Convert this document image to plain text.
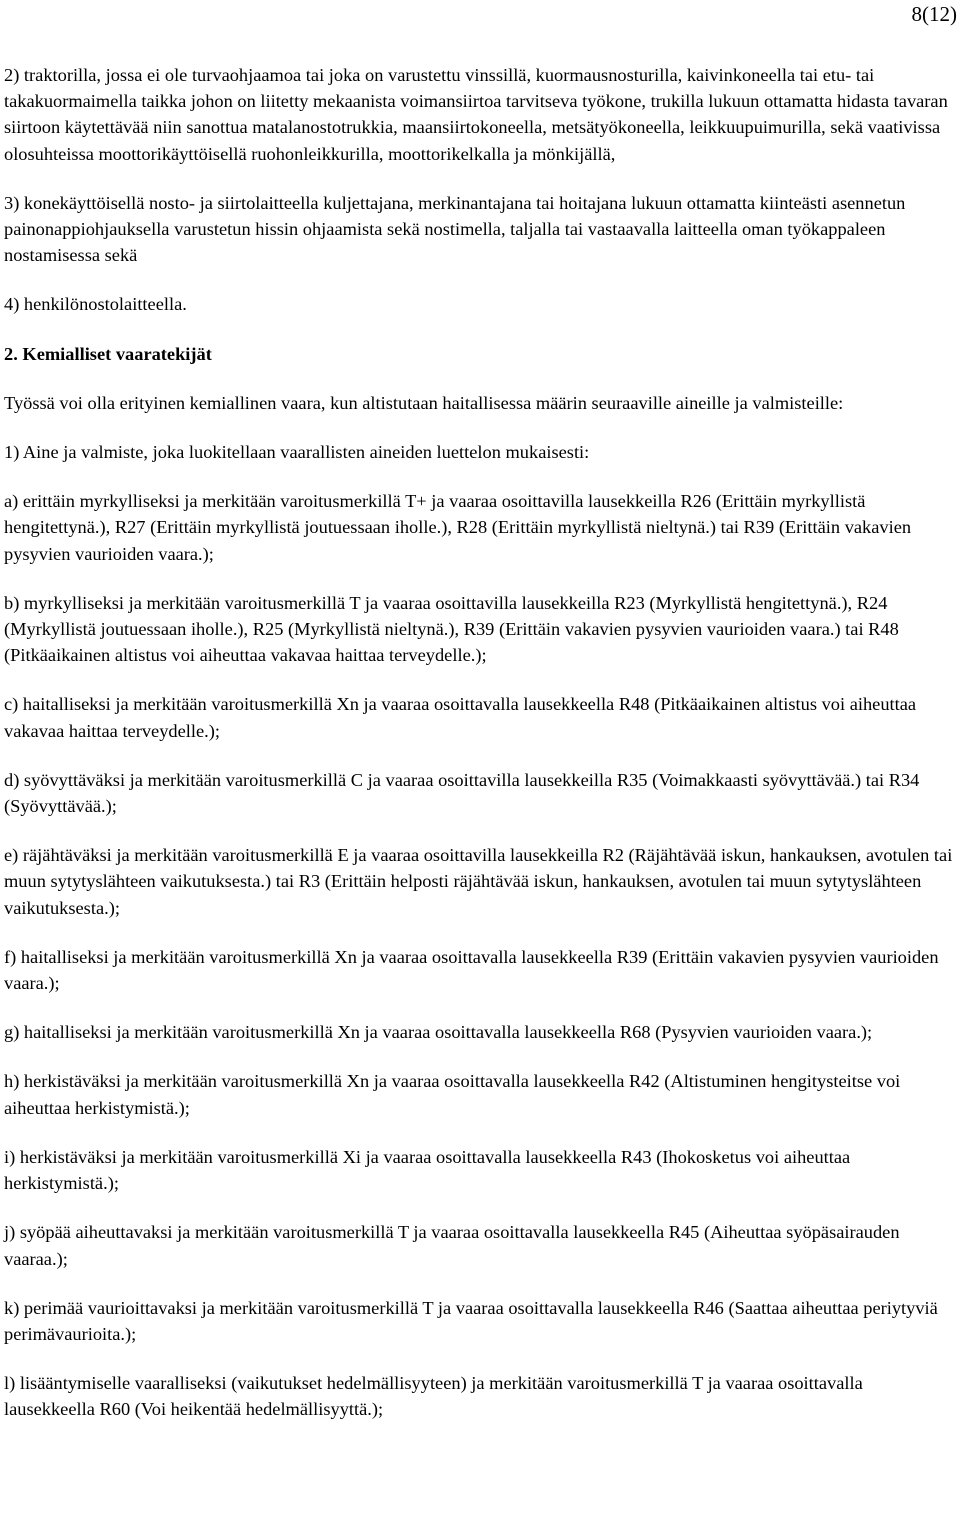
8(12)

2) traktorilla, jossa ei ole turvaohjaamoa tai joka on varustettu vinssillä, kuormausnosturilla, kaivinkoneella tai etu- tai takakuormaimella taikka johon on liitetty mekaanista voimansiirtoa tarvitseva työkone, trukilla lukuun ottamatta hidasta tavaran siirtoon käytettävää niin sanottua matalanostotrukkia, maansiirtokoneella, metsätyökoneella, leikkuupuimurilla, sekä vaativissa olosuhteissa moottorikäyttöisellä ruohonleikkurilla, moottorikelkalla ja mönkijällä,

3) konekäyttöisellä nosto- ja siirtolaitteella kuljettajana, merkinantajana tai hoitajana lukuun ottamatta kiinteästi asennetun painonappiohjauksella varustetun hissin ohjaamista sekä nostimella, taljalla tai vastaavalla laitteella oman työkappaleen nostamisessa sekä

4) henkilönostolaitteella.

2. Kemialliset vaaratekijät

Työssä voi olla erityinen kemiallinen vaara, kun altistutaan haitallisessa määrin seuraaville aineille ja valmisteille:

1) Aine ja valmiste, joka luokitellaan vaarallisten aineiden luettelon mukaisesti:

a) erittäin myrkylliseksi ja merkitään varoitusmerkillä T+ ja vaaraa osoittavilla lausekkeilla R26 (Erittäin myrkyllistä hengitettynä.), R27 (Erittäin myrkyllistä joutuessaan iholle.), R28 (Erittäin myrkyllistä nieltynä.) tai R39 (Erittäin vakavien pysyvien vaurioiden vaara.);

b) myrkylliseksi ja merkitään varoitusmerkillä T ja vaaraa osoittavilla lausekkeilla R23 (Myrkyllistä hengitettynä.), R24 (Myrkyllistä joutuessaan iholle.), R25 (Myrkyllistä nieltynä.), R39 (Erittäin vakavien pysyvien vaurioiden vaara.) tai R48 (Pitkäaikainen altistus voi aiheuttaa vakavaa haittaa terveydelle.);

c) haitalliseksi ja merkitään varoitusmerkillä Xn ja vaaraa osoittavalla lausekkeella R48 (Pitkäaikainen altistus voi aiheuttaa vakavaa haittaa terveydelle.);

d) syövyttäväksi ja merkitään varoitusmerkillä C ja vaaraa osoittavilla lausekkeilla R35 (Voimakkaasti syövyttävää.) tai R34 (Syövyttävää.);

e) räjähtäväksi ja merkitään varoitusmerkillä E ja vaaraa osoittavilla lausekkeilla R2 (Räjähtävää iskun, hankauksen, avotulen tai muun sytytyslähteen vaikutuksesta.) tai R3 (Erittäin helposti räjähtävää iskun, hankauksen, avotulen tai muun sytytyslähteen vaikutuksesta.);

f) haitalliseksi ja merkitään varoitusmerkillä Xn ja vaaraa osoittavalla lausekkeella R39 (Erittäin vakavien pysyvien vaurioiden vaara.);

g) haitalliseksi ja merkitään varoitusmerkillä Xn ja vaaraa osoittavalla lausekkeella R68 (Pysyvien vaurioiden vaara.);

h) herkistäväksi ja merkitään varoitusmerkillä Xn ja vaaraa osoittavalla lausekkeella R42 (Altistuminen hengitysteitse voi aiheuttaa herkistymistä.);

i) herkistäväksi ja merkitään varoitusmerkillä Xi ja vaaraa osoittavalla lausekkeella R43 (Ihokosketus voi aiheuttaa herkistymistä.);

j) syöpää aiheuttavaksi ja merkitään varoitusmerkillä T ja vaaraa osoittavalla lausekkeella R45 (Aiheuttaa syöpäsairauden vaaraa.);

k) perimää vaurioittavaksi ja merkitään varoitusmerkillä T ja vaaraa osoittavalla lausekkeella R46 (Saattaa aiheuttaa periytyviä perimävaurioita.);

l) lisääntymiselle vaaralliseksi (vaikutukset hedelmällisyyteen) ja merkitään varoitusmerkillä T ja vaaraa osoittavalla lausekkeella R60 (Voi heikentää hedelmällisyyttä.);
